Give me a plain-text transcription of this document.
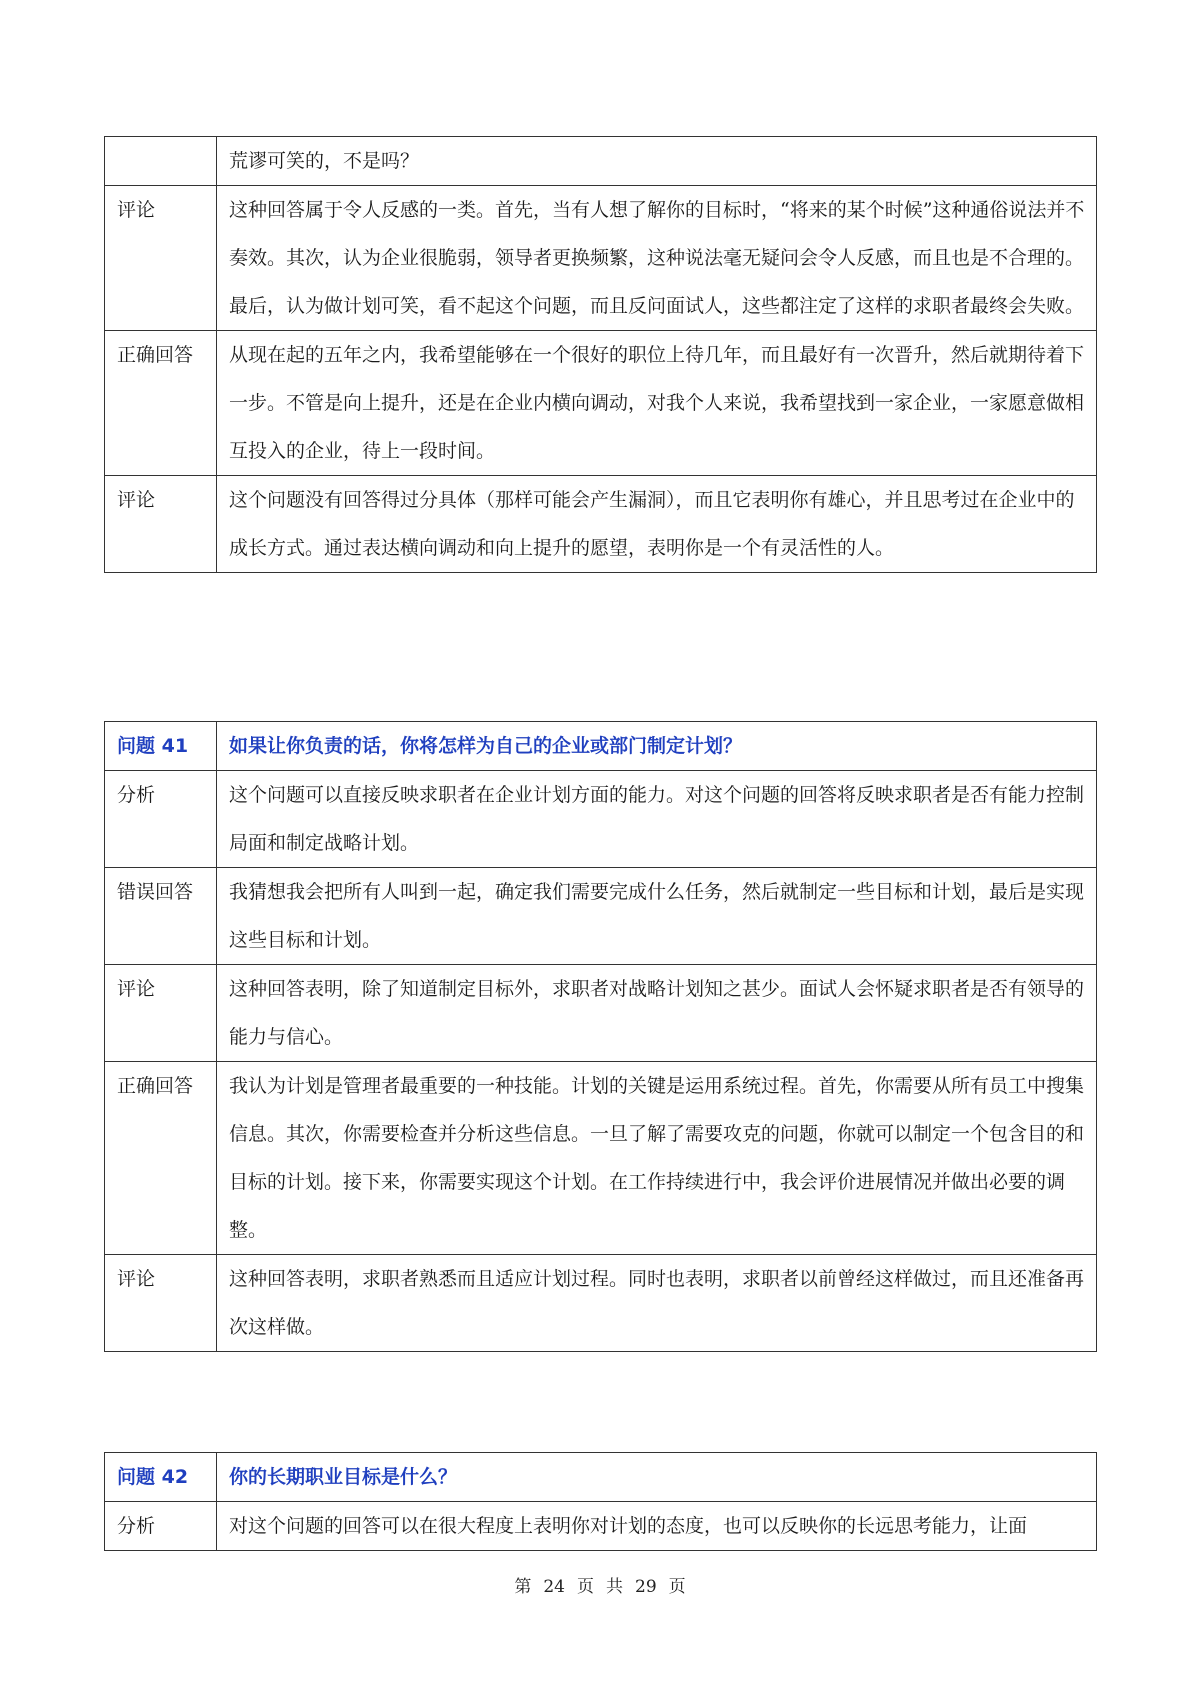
	荒谬可笑的，不是吗？
评论	这种回答属于令人反感的一类。首先，当有人想了解你的目标时，“将来的某个时候”这种通俗说法并不奏效。其次，认为企业很脆弱，领导者更换频繁，这种说法毫无疑问会令人反感，而且也是不合理的。最后，认为做计划可笑，看不起这个问题，而且反问面试人，这些都注定了这样的求职者最终会失败。
正确回答	从现在起的五年之内，我希望能够在一个很好的职位上待几年，而且最好有一次晋升，然后就期待着下一步。不管是向上提升，还是在企业内横向调动，对我个人来说，我希望找到一家企业，一家愿意做相互投入的企业，待上一段时间。
评论	这个问题没有回答得过分具体（那样可能会产生漏洞），而且它表明你有雄心，并且思考过在企业中的成长方式。通过表达横向调动和向上提升的愿望，表明你是一个有灵活性的人。
问题 41	如果让你负责的话，你将怎样为自己的企业或部门制定计划？
分析	这个问题可以直接反映求职者在企业计划方面的能力。对这个问题的回答将反映求职者是否有能力控制局面和制定战略计划。
错误回答	我猜想我会把所有人叫到一起，确定我们需要完成什么任务，然后就制定一些目标和计划，最后是实现这些目标和计划。
评论	这种回答表明，除了知道制定目标外，求职者对战略计划知之甚少。面试人会怀疑求职者是否有领导的能力与信心。
正确回答	我认为计划是管理者最重要的一种技能。计划的关键是运用系统过程。首先，你需要从所有员工中搜集信息。其次，你需要检查并分析这些信息。一旦了解了需要攻克的问题，你就可以制定一个包含目的和目标的计划。接下来，你需要实现这个计划。在工作持续进行中，我会评价进展情况并做出必要的调整。
评论	这种回答表明，求职者熟悉而且适应计划过程。同时也表明，求职者以前曾经这样做过，而且还准备再次这样做。
问题 42	你的长期职业目标是什么？
分析	对这个问题的回答可以在很大程度上表明你对计划的态度，也可以反映你的长远思考能力，让面
第 24 页 共 29 页
